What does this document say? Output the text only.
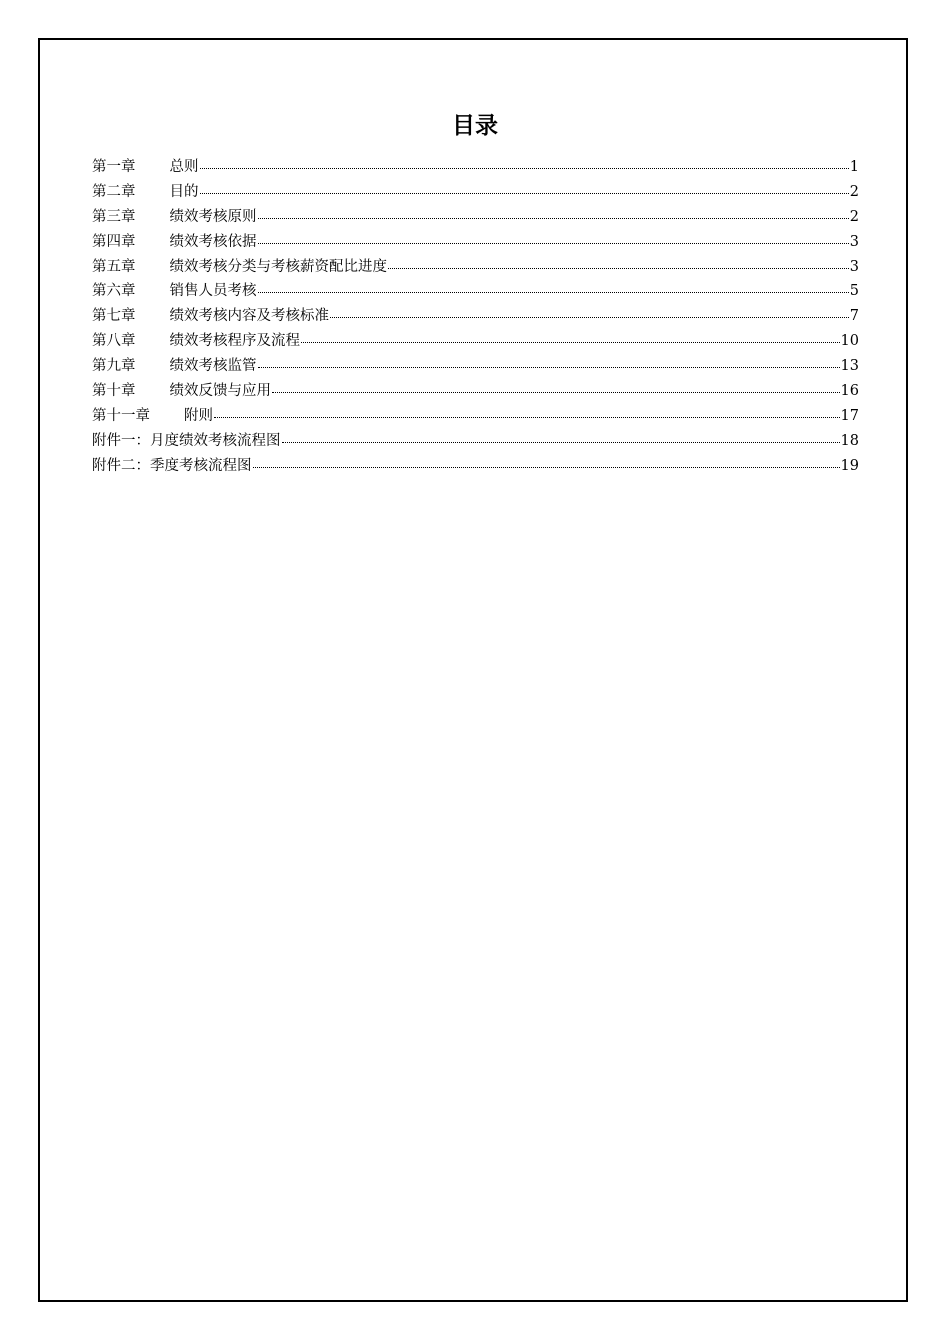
目录
第一章 总则	1
第二章 目的	2
第三章 绩效考核原则	2
第四章 绩效考核依据	3
第五章 绩效考核分类与考核薪资配比进度	3
第六章 销售人员考核	5
第七章 绩效考核内容及考核标准	7
第八章 绩效考核程序及流程	10
第九章 绩效考核监管	13
第十章 绩效反馈与应用	16
第十一章 附则	17
附件一：月度绩效考核流程图	18
附件二：季度考核流程图	19
